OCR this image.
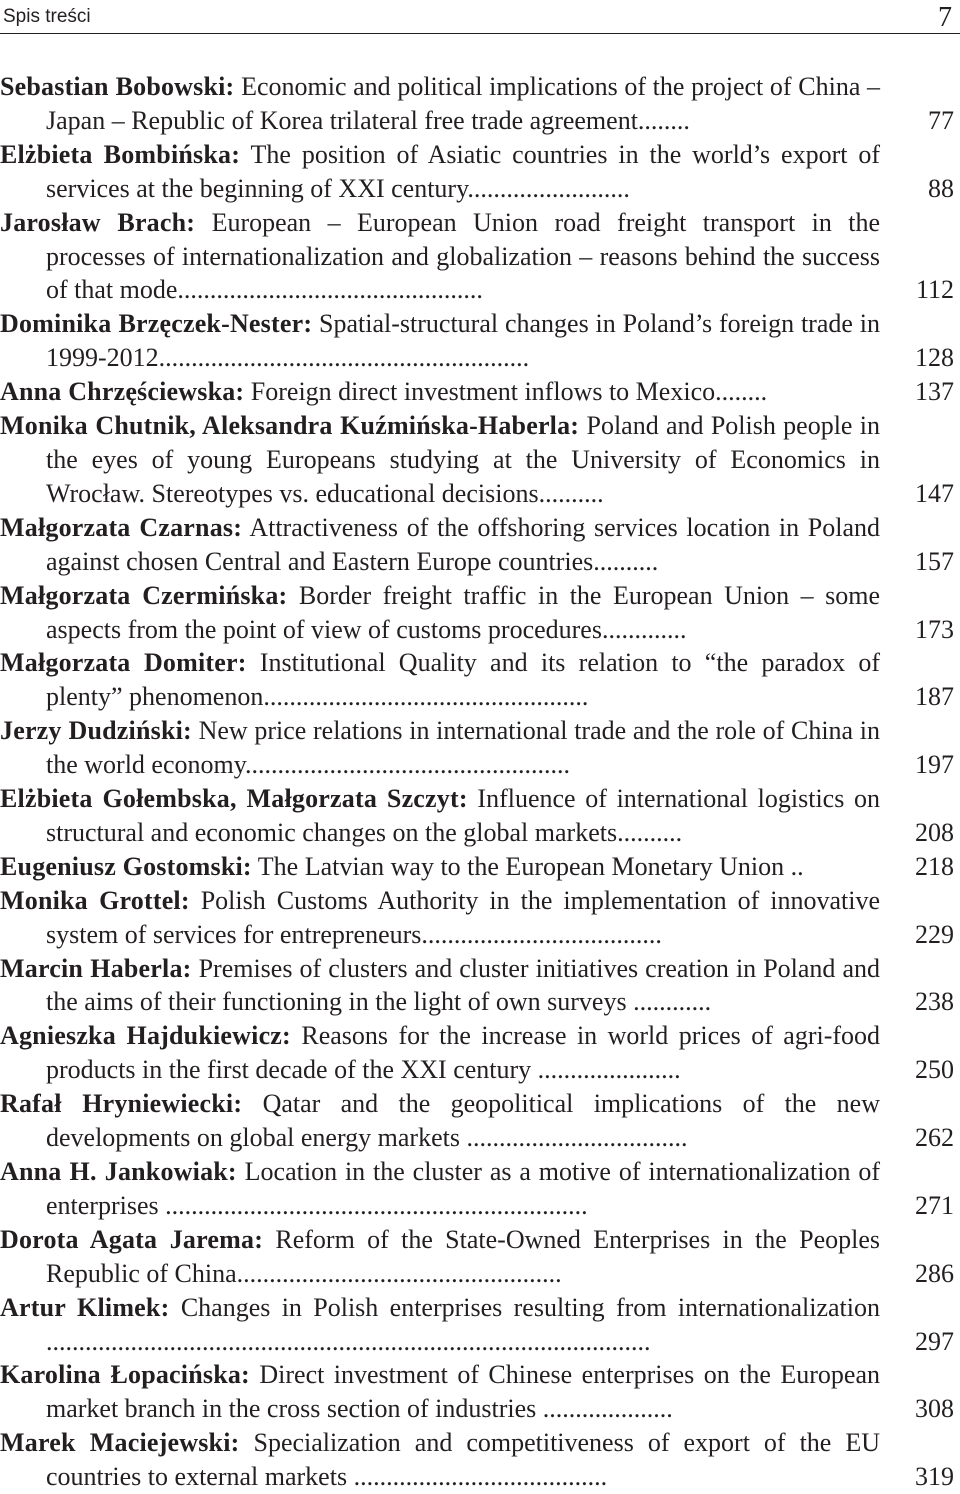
Spis treści	7
Sebastian Bobowski: Economic and political implications of the project of China – Japan – Republic of Korea trilateral free trade agreement........	77
Elżbieta Bombińska: The position of Asiatic countries in the world’s export of services at the beginning of XXI century.........................	88
Jarosław Brach: European – European Union road freight transport in the processes of internationalization and globalization – reasons behind the success of that mode...............................................	112
Dominika Brzęczek-Nester: Spatial-structural changes in Poland’s foreign trade in 1999-2012.........................................................	128
Anna Chrzęściewska: Foreign direct investment inflows to Mexico........	137
Monika Chutnik, Aleksandra Kuźmińska-Haberla: Poland and Polish people in the eyes of young Europeans studying at the University of Economics in Wrocław. Stereotypes vs. educational decisions..........	147
Małgorzata Czarnas: Attractiveness of the offshoring services location in Poland against chosen Central and Eastern Europe countries..........	157
Małgorzata Czermińska: Border freight traffic in the European Union – some aspects from the point of view of customs procedures.............	173
Małgorzata Domiter: Institutional Quality and its relation to “the paradox of plenty” phenomenon..................................................	187
Jerzy Dudziński: New price relations in international trade and the role of China in the world economy..................................................	197
Elżbieta Gołembska, Małgorzata Szczyt: Influence of international logistics on structural and economic changes on the global markets..........	208
Eugeniusz Gostomski: The Latvian way to the European Monetary Union ..	218
Monika Grottel: Polish Customs Authority in the implementation of innovative system of services for entrepreneurs.....................................	229
Marcin Haberla: Premises of clusters and cluster initiatives creation in Poland and the aims of their functioning in the light of own surveys ............	238
Agnieszka Hajdukiewicz: Reasons for the increase in world prices of agri-food products in the first decade of the XXI century ......................	250
Rafał Hryniewiecki: Qatar and the geopolitical implications of the new developments on global energy markets ..................................	262
Anna H. Jankowiak: Location in the cluster as a motive of internationalization of enterprises .................................................................	271
Dorota Agata Jarema: Reform of the State-Owned Enterprises in the Peoples Republic of China..................................................	286
Artur Klimek: Changes in Polish enterprises resulting from internationalization .............................................................................................	297
Karolina Łopacińska: Direct investment of Chinese enterprises on the European market branch in the cross section of industries ....................	308
Marek Maciejewski: Specialization and competitiveness of export of the EU countries to external markets .......................................	319
